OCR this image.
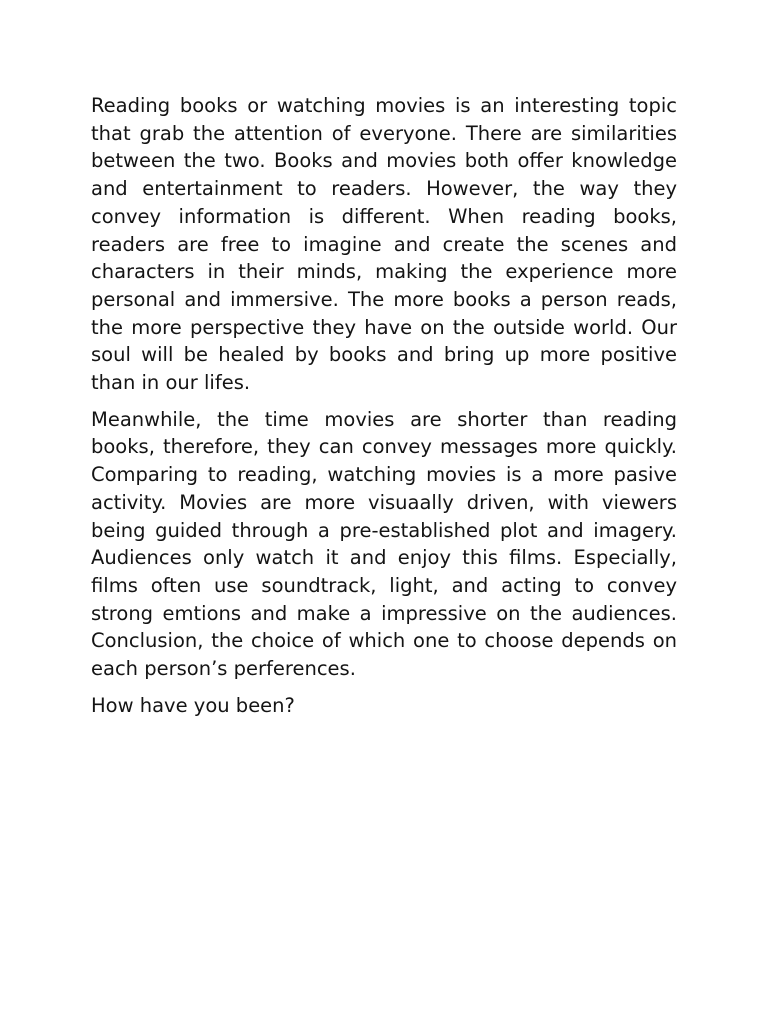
Reading books or watching movies is an interesting topic that grab the attention of everyone. There are similarities between the two. Books and movies both offer knowledge and entertainment to readers. However, the way they convey information is different. When reading books, readers are free to imagine and create the scenes and characters in their minds, making the experience more personal and immersive. The more books a person reads, the more perspective they have on the outside world. Our soul will be healed by books and bring up more positive than in our lifes.

Meanwhile, the time movies are shorter than reading books, therefore, they can convey messages more quickly. Comparing to reading, watching movies is a more pasive activity. Movies are more visuaally driven, with viewers being guided through a pre-established plot and imagery. Audiences only watch it and enjoy this films. Especially, films often use soundtrack, light, and acting to convey strong emtions and make a impressive on the audiences. Conclusion, the choice of which one to choose depends on each person’s perferences.

How have you been?
